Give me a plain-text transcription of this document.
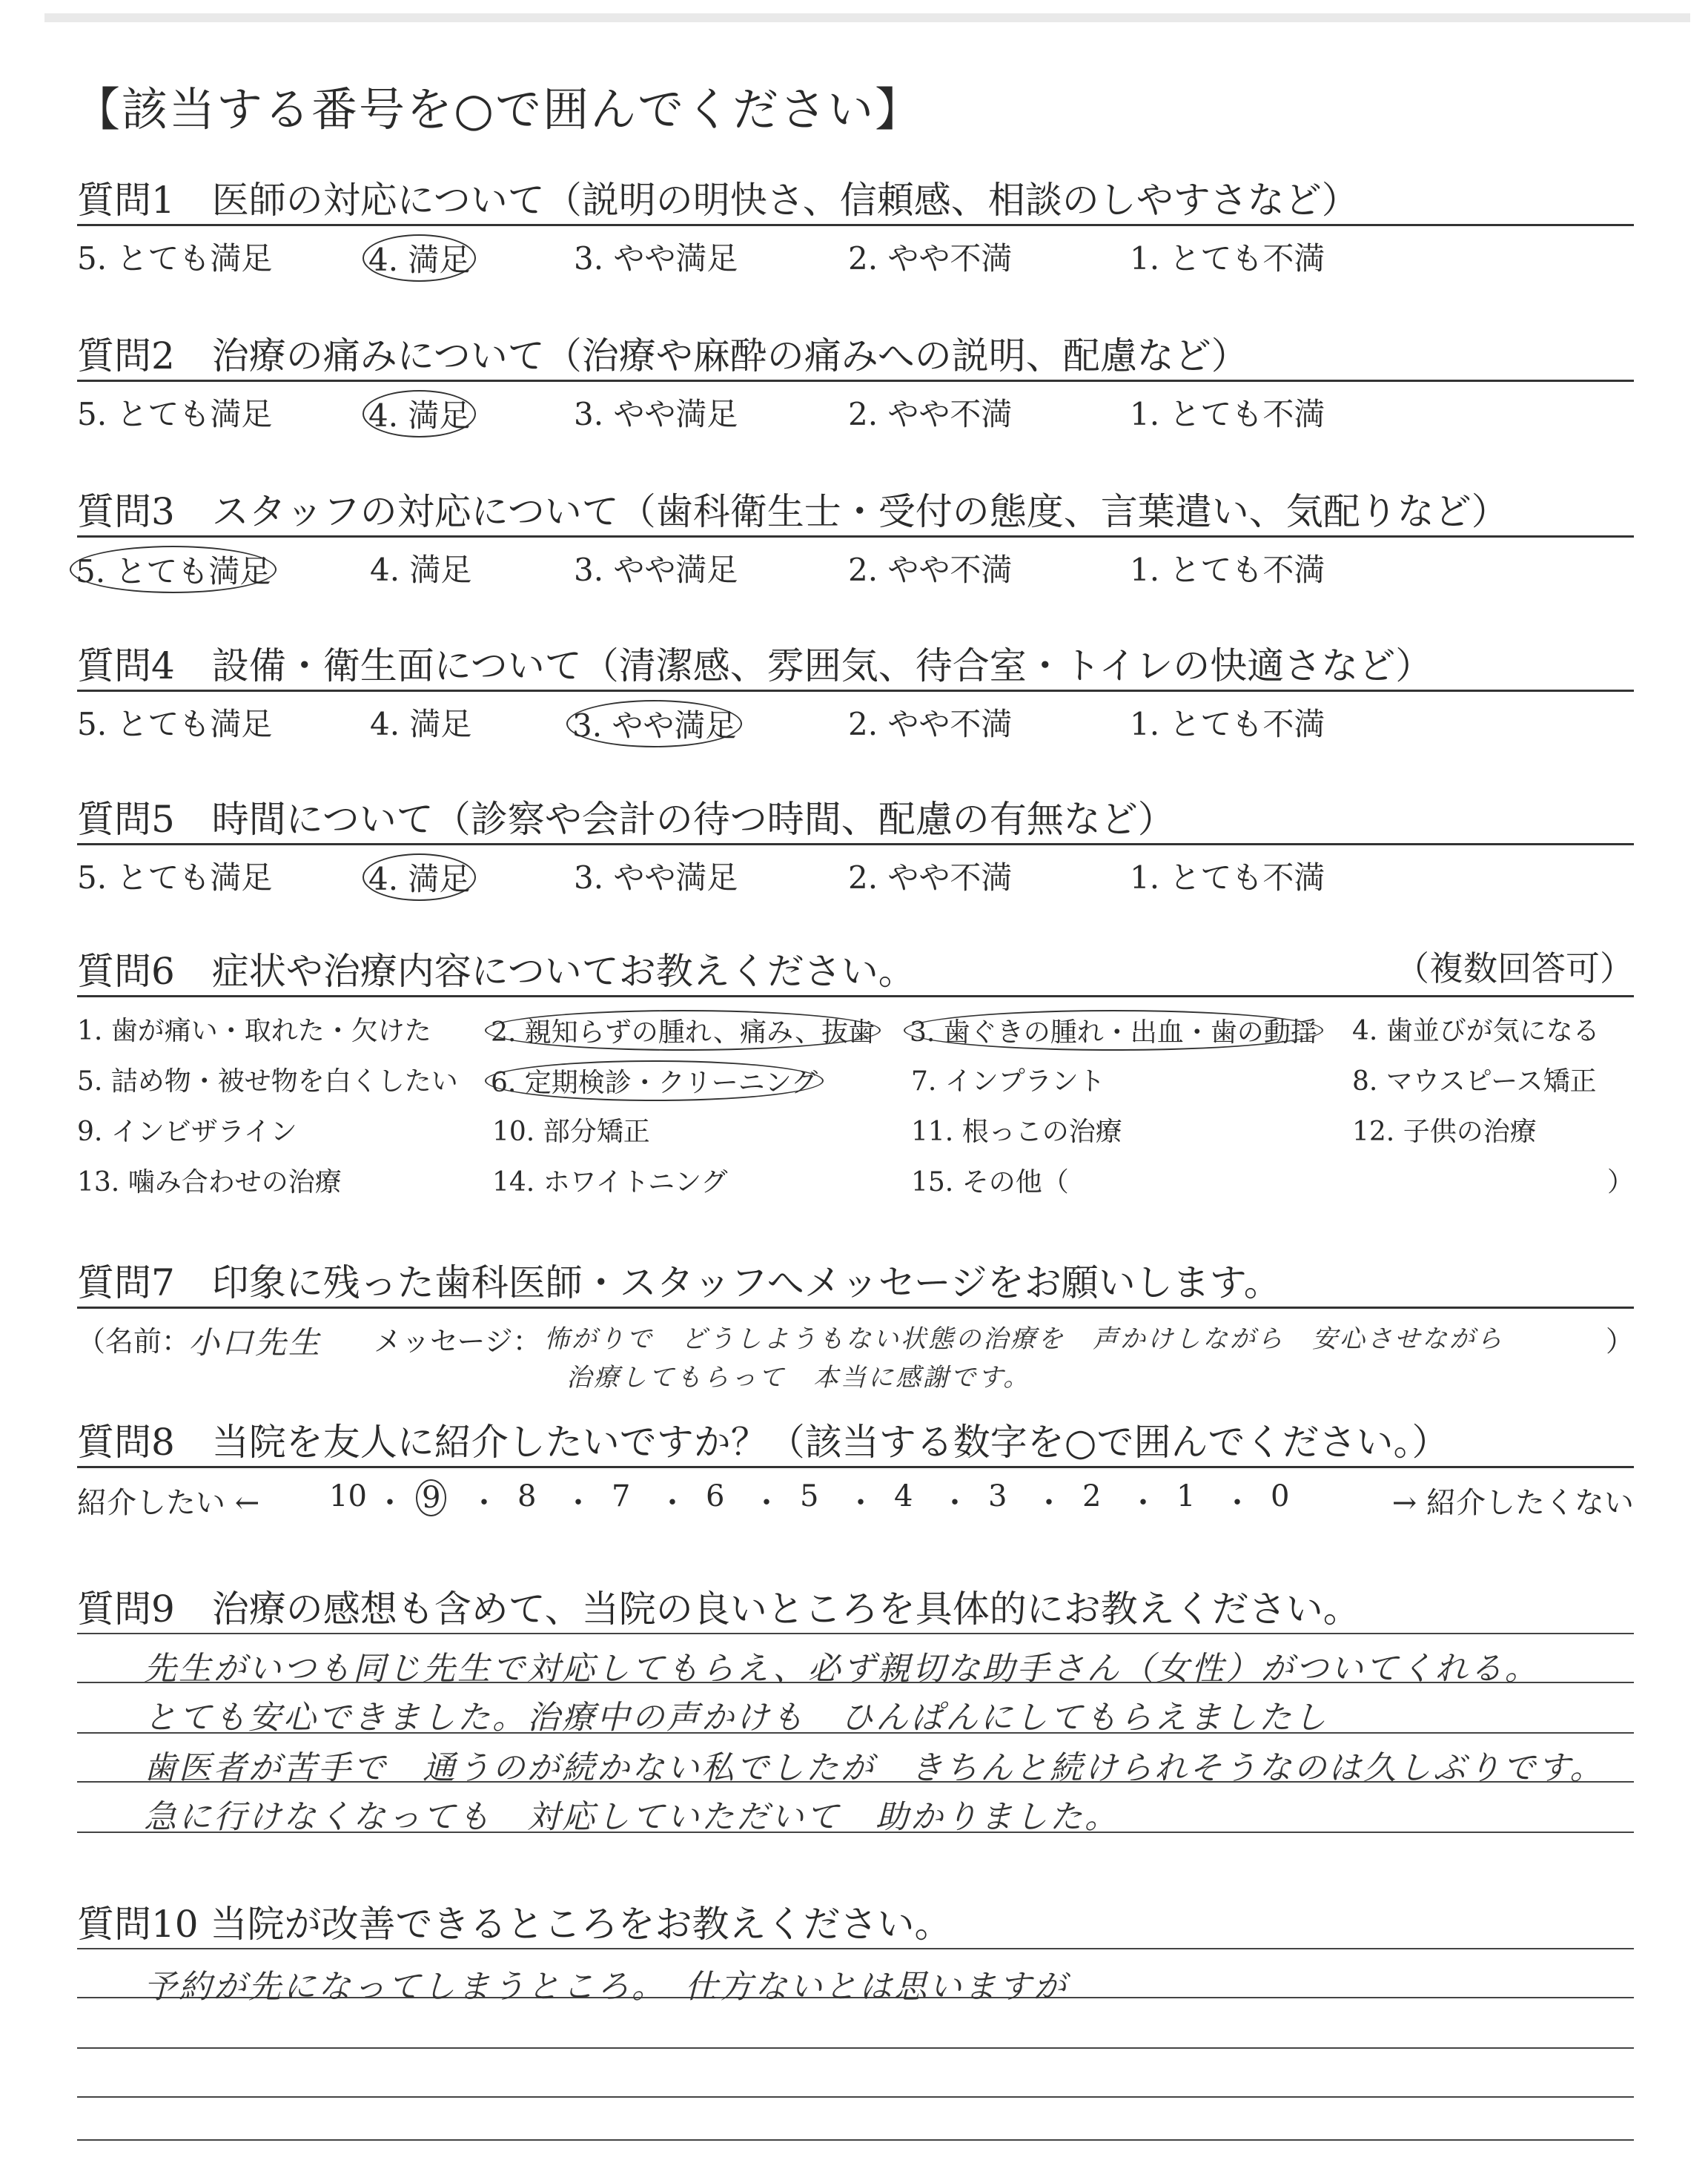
【該当する番号を○で囲んでください】
質問1　医師の対応について（説明の明快さ、信頼感、相談のしやすさなど）
5. とても満足	4. 満足	3. やや満足	2. やや不満	1. とても不満
質問2　治療の痛みについて（治療や麻酔の痛みへの説明、配慮など）
5. とても満足	4. 満足	3. やや満足	2. やや不満	1. とても不満
質問3　スタッフの対応について（歯科衛生士・受付の態度、言葉遣い、気配りなど）
5. とても満足	4. 満足	3. やや満足	2. やや不満	1. とても不満
質問4　設備・衛生面について（清潔感、雰囲気、待合室・トイレの快適さなど）
5. とても満足	4. 満足	3. やや満足	2. やや不満	1. とても不満
質問5　時間について（診察や会計の待つ時間、配慮の有無など）
5. とても満足	4. 満足	3. やや満足	2. やや不満	1. とても不満
質問6　症状や治療内容についてお教えください。	（複数回答可）
1. 歯が痛い・取れた・欠けた 2. 親知らずの腫れ、痛み、抜歯 3. 歯ぐきの腫れ・出血・歯の動揺 4. 歯並びが気になる
5. 詰め物・被せ物を白くしたい 6. 定期検診・クリーニング	7. インプラント	8. マウスピース矯正
9. インビザライン	10. 部分矯正	11. 根っこの治療	12. 子供の治療
13. 噛み合わせの治療	14. ホワイトニング	15. その他（	）
質問7　印象に残った歯科医師・スタッフへメッセージをお願いします。
（名前：
小口先生 メッセージ： 怖がりで　どうしようもない状態の治療を　声かけしながら　安心させながら
治療してもらって　本当に感謝です。
）
質問8　当院を友人に紹介したいですか？（該当する数字を○で囲んでください。）
紹介したい ← 10 ・ 9 ・ 8 ・ 7 ・ 6 ・ 5 ・ 4 ・ 3 ・ 2 ・ 1 ・ 0	→ 紹介したくない
質問9　治療の感想も含めて、当院の良いところを具体的にお教えください。
先生がいつも同じ先生で対応してもらえ、必ず親切な助手さん（女性）がついてくれる。
とても安心できました。治療中の声かけも　ひんぱんにしてもらえましたし
歯医者が苦手で　通うのが続かない私でしたが　きちんと続けられそうなのは久しぶりです。
急に行けなくなっても　対応していただいて　助かりました。
質問10 当院が改善できるところをお教えください。
予約が先になってしまうところ。　仕方ないとは思いますが
